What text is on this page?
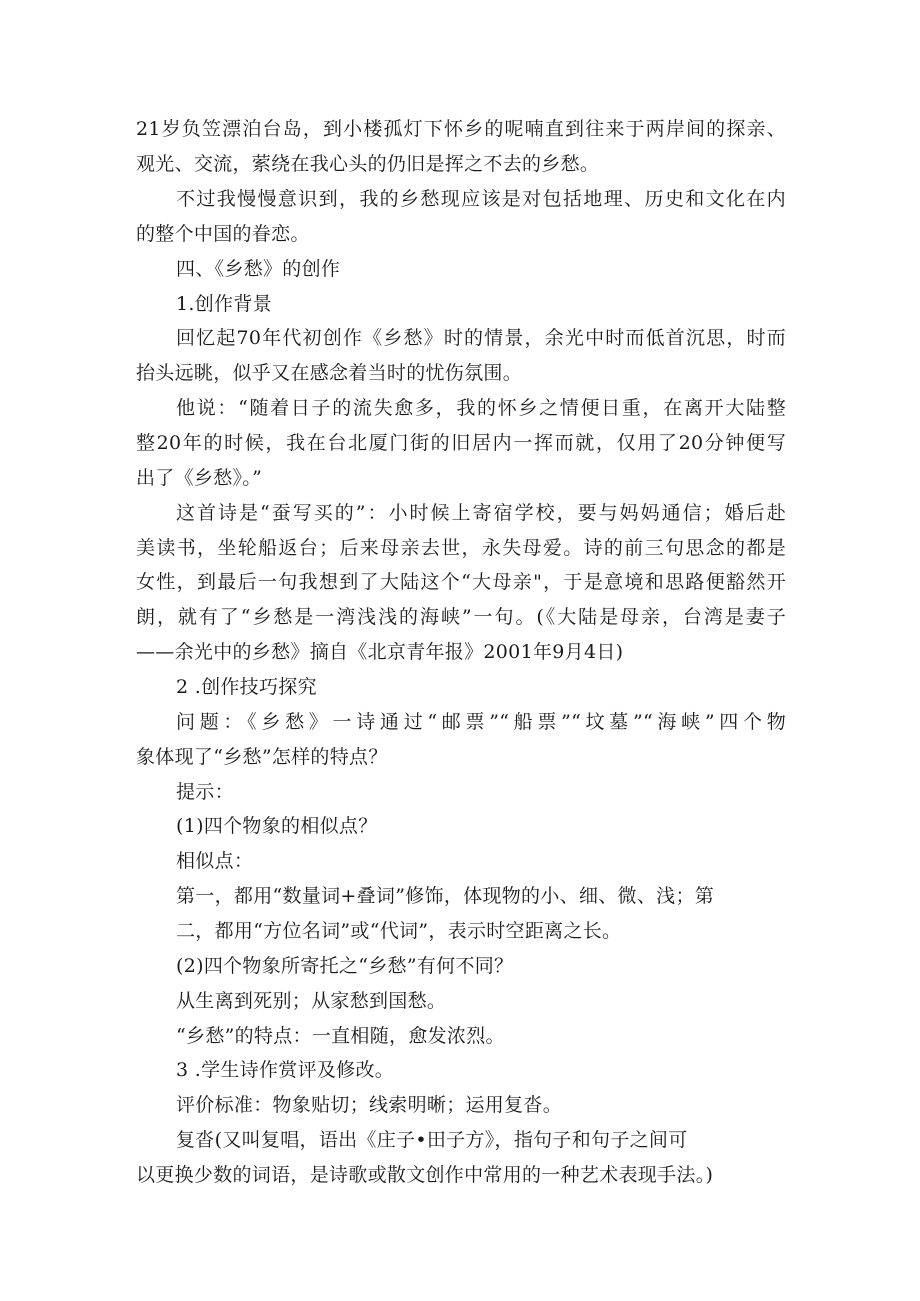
21岁负笠漂泊台岛，到小楼孤灯下怀乡的呢喃直到往来于两岸间的探亲、
观光、交流，萦绕在我心头的仍旧是挥之不去的乡愁。
不过我慢慢意识到，我的乡愁现应该是对包括地理、历史和文化在内
的整个中国的眷恋。
四、《乡愁》的创作
1.创作背景
回忆起70年代初创作《乡愁》时的情景，余光中时而低首沉思，时而
抬头远眺，似乎又在感念着当时的忧伤氛围。
他说：“随着日子的流失愈多，我的怀乡之情便日重，在离开大陆整
整20年的时候，我在台北厦门街的旧居内一挥而就，仅用了20分钟便写
出了《乡愁》。”
这首诗是“蚕写买的”：小时候上寄宿学校，要与妈妈通信；婚后赴
美读书，坐轮船返台；后来母亲去世，永失母爱。诗的前三句思念的都是
女性，到最后一句我想到了大陆这个“大母亲"，于是意境和思路便豁然开
朗，就有了“乡愁是一湾浅浅的海峡”一句。(《大陆是母亲，台湾是妻子
——余光中的乡愁》摘自《北京青年报》2001年9月4日)
2 .创作技巧探究
问题：《乡愁》一诗通过“邮票”“船票”“坟墓”“海峡”四个物
象体现了“乡愁”怎样的特点？
提示：
(1)四个物象的相似点？
相似点：
第一，都用“数量词+叠词”修饰，体现物的小、细、微、浅；第
二，都用“方位名词”或“代词”，表示时空距离之长。
(2)四个物象所寄托之“乡愁”有何不同？
从生离到死别；从家愁到国愁。
“乡愁”的特点：一直相随，愈发浓烈。
3 .学生诗作赏评及修改。
评价标准：物象贴切；线索明晰；运用复沓。
复沓(又叫复唱，语出《庄子•田子方》，指句子和句子之间可
以更换少数的词语，是诗歌或散文创作中常用的一种艺术表现手法。)
